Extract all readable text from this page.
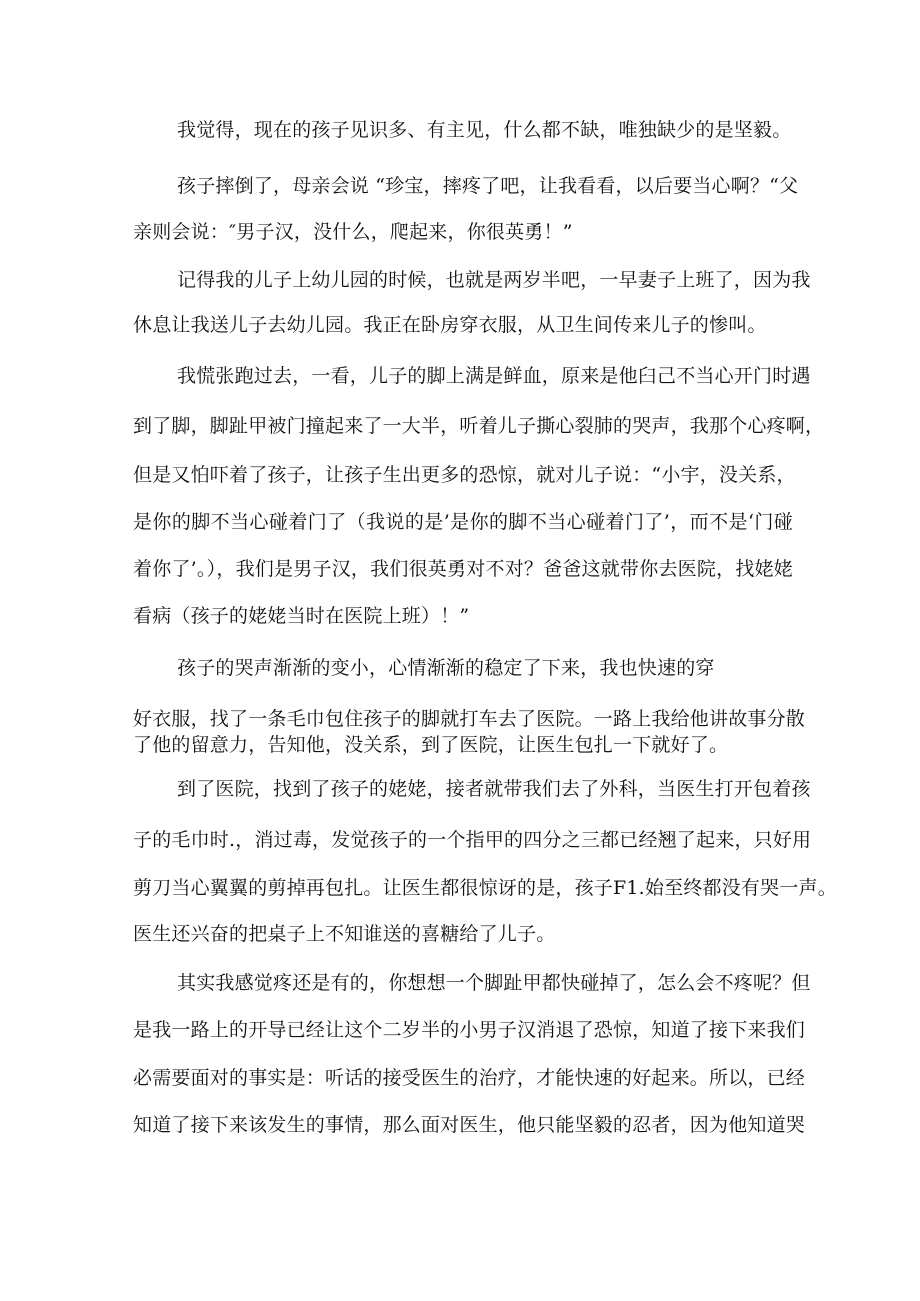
我觉得，现在的孩子见识多、有主见，什么都不缺，唯独缺少的是坚毅。
孩子摔倒了，母亲会说 “珍宝，摔疼了吧，让我看看，以后要当心啊？“父
亲则会说：″男子汉，没什么，爬起来，你很英勇！”
记得我的儿子上幼儿园的时候，也就是两岁半吧，一早妻子上班了，因为我
休息让我送儿子去幼儿园。我正在卧房穿衣服，从卫生间传来儿子的惨叫。
我慌张跑过去，一看，儿子的脚上满是鲜血，原来是他臼己不当心开门时遇
到了脚，脚趾甲被门撞起来了一大半，听着儿子撕心裂肺的哭声，我那个心疼啊，
但是又怕吓着了孩子，让孩子生出更多的恐惊，就对儿子说：“小宇，没关系，
是你的脚不当心碰着门了（我说的是’是你的脚不当心碰着门了’，而不是‘门碰
着你了’。），我们是男子汉，我们很英勇对不对？爸爸这就带你去医院，找姥姥
看病（孩子的姥姥当时在医院上班）！”
孩子的哭声渐渐的变小，心情渐渐的稳定了下来，我也快速的穿
好衣服，找了一条毛巾包住孩子的脚就打车去了医院。一路上我给他讲故事分散
了他的留意力，告知他，没关系，到了医院，让医生包扎一下就好了。
到了医院，找到了孩子的姥姥，接者就带我们去了外科，当医生打开包着孩
子的毛巾时.，消过毒，发觉孩子的一个指甲的四分之三都已经翘了起来，只好用
剪刀当心翼翼的剪掉再包扎。让医生都很惊讶的是，孩子F1.始至终都没有哭一声。
医生还兴奋的把桌子上不知谁送的喜糖给了儿子。
其实我感觉疼还是有的，你想想一个脚趾甲都快碰掉了，怎么会不疼呢？但
是我一路上的开导已经让这个二岁半的小男子汉消退了恐惊，知道了接下来我们
必需要面对的事实是：听话的接受医生的治疗，才能快速的好起来。所以，已经
知道了接下来该发生的事情，那么面对医生，他只能坚毅的忍者，因为他知道哭
